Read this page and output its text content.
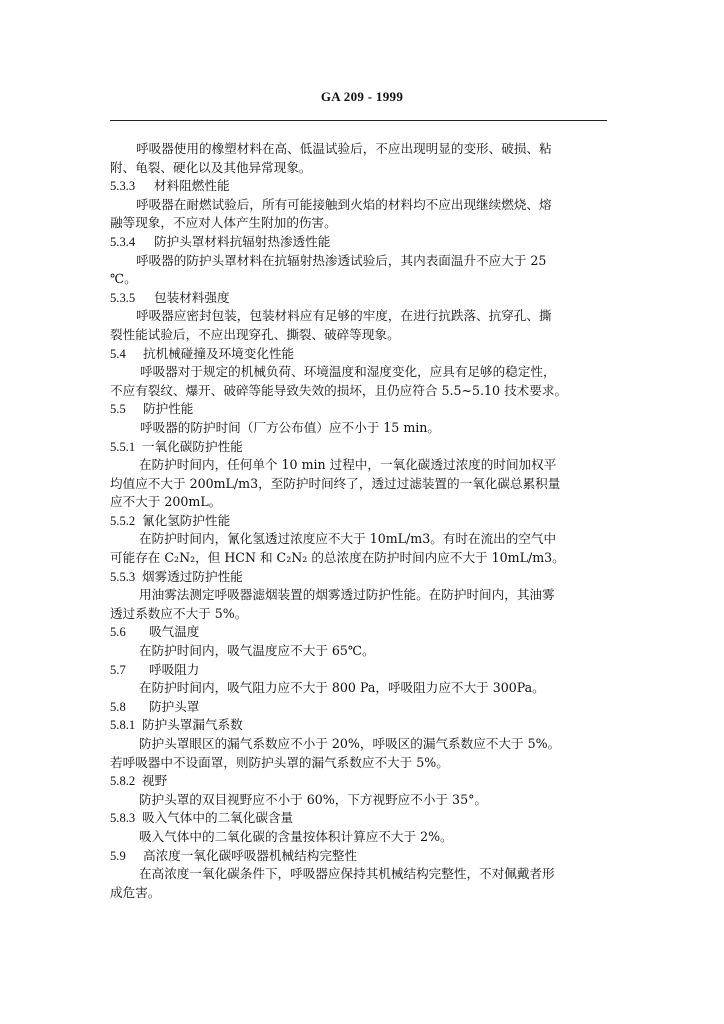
GA 209 - 1999
呼吸器使用的橡塑材料在高、低温试验后，不应出现明显的变形、破损、粘
附、龟裂、硬化以及其他异常现象。
5.3.3 材料阻燃性能
呼吸器在耐燃试验后，所有可能接触到火焰的材料均不应出现继续燃烧、熔
融等现象，不应对人体产生附加的伤害。
5.3.4 防护头罩材料抗辐射热渗透性能
呼吸器的防护头罩材料在抗辐射热渗透试验后，其内表面温升不应大于 25
℃。
5.3.5 包装材料强度
呼吸器应密封包装，包装材料应有足够的牢度，在进行抗跌落、抗穿孔、撕
裂性能试验后，不应出现穿孔、撕裂、破碎等现象。
5.4 抗机械碰撞及环境变化性能
呼吸器对于规定的机械负荷、环境温度和湿度变化，应具有足够的稳定性，
不应有裂纹、爆开、破碎等能导致失效的损坏，且仍应符合 5.5~5.10 技术要求。
5.5 防护性能
呼吸器的防护时间（厂方公布值）应不小于 15 min。
5.5.1 一氧化碳防护性能
在防护时间内，任何单个 10 min 过程中，一氧化碳透过浓度的时间加权平
均值应不大于 200mL/m3，至防护时间终了，透过过滤装置的一氧化碳总累积量
应不大于 200mL。
5.5.2 氰化氢防护性能
在防护时间内，氰化氢透过浓度应不大于 10mL/m3。有时在流出的空气中
可能存在 C₂N₂，但 HCN 和 C₂N₂ 的总浓度在防护时间内应不大于 10mL/m3。
5.5.3 烟雾透过防护性能
用油雾法测定呼吸器滤烟装置的烟雾透过防护性能。在防护时间内，其油雾
透过系数应不大于 5%。
5.6 吸气温度
在防护时间内，吸气温度应不大于 65℃。
5.7 呼吸阻力
在防护时间内，吸气阻力应不大于 800 Pa，呼吸阻力应不大于 300Pa。
5.8 防护头罩
5.8.1 防护头罩漏气系数
防护头罩眼区的漏气系数应不小于 20%，呼吸区的漏气系数应不大于 5%。
若呼吸器中不设面罩，则防护头罩的漏气系数应不大于 5%。
5.8.2 视野
防护头罩的双目视野应不小于 60%，下方视野应不小于 35°。
5.8.3 吸入气体中的二氧化碳含量
吸入气体中的二氧化碳的含量按体积计算应不大于 2%。
5.9 高浓度一氧化碳呼吸器机械结构完整性
在高浓度一氧化碳条件下，呼吸器应保持其机械结构完整性，不对佩戴者形
成危害。
